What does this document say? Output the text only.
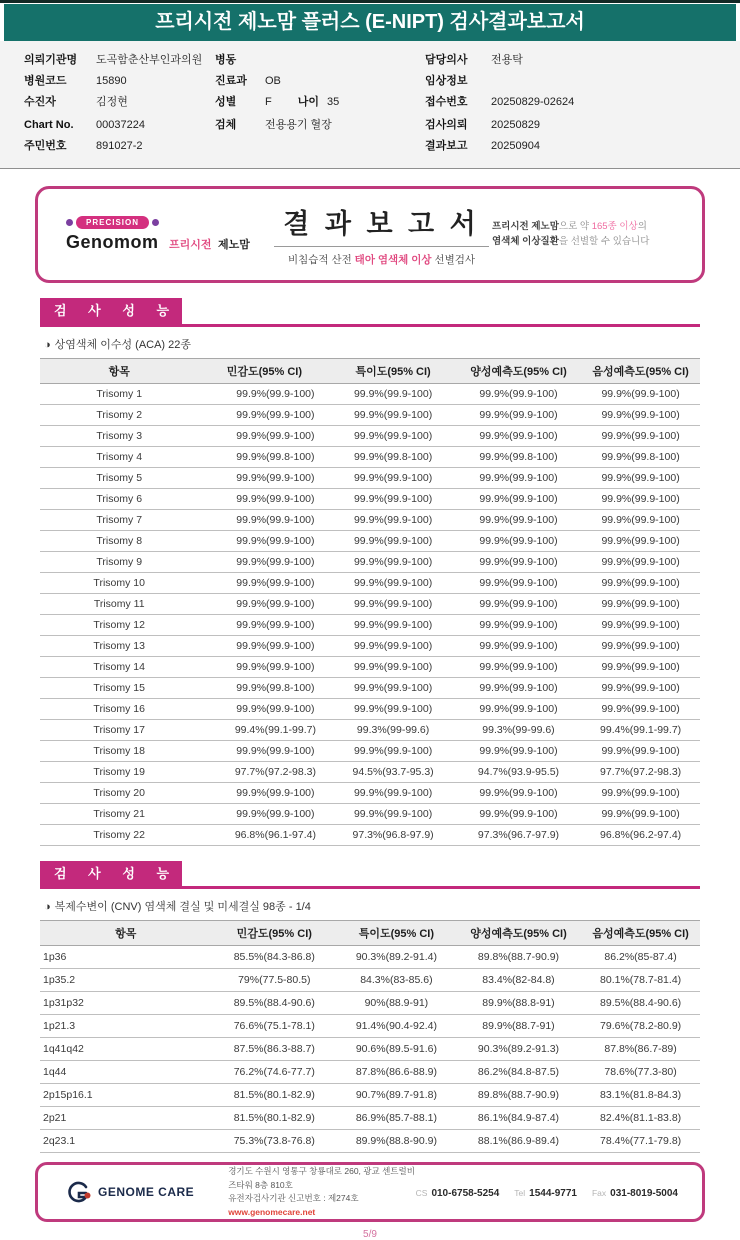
프리시전 제노맘 플러스 (E-NIPT) 검사결과보고서
의뢰기관명	도곡함춘산부인과의원 병동	담당의사	전용탁
병원코드	15890	진료과	OB	임상정보
수진자	김정현	성별	F 나이 35	접수번호	20250829-02624
Chart No.	00037224	검체	전용용기 혈장	검사의뢰	20250829
주민번호	891027-2	결과보고	20250904
PRECISION
Genomom 프리시전 제노맘
결 과 보 고 서
비침습적 산전 태아 염색체 이상 선별검사
프리시전 제노맘으로 약 165종 이상의
염색체 이상질환을 선별할 수 있습니다
검 사 성 능
◑ 상염색체 이수성 (ACA) 22종
항목	민감도(95% CI)	특이도(95% CI)	양성예측도(95% CI)	음성예측도(95% CI)
Trisomy 1	99.9%(99.9-100)	99.9%(99.9-100)	99.9%(99.9-100)	99.9%(99.9-100)
Trisomy 2	99.9%(99.9-100)	99.9%(99.9-100)	99.9%(99.9-100)	99.9%(99.9-100)
Trisomy 3	99.9%(99.9-100)	99.9%(99.9-100)	99.9%(99.9-100)	99.9%(99.9-100)
Trisomy 4	99.9%(99.8-100)	99.9%(99.8-100)	99.9%(99.8-100)	99.9%(99.8-100)
Trisomy 5	99.9%(99.9-100)	99.9%(99.9-100)	99.9%(99.9-100)	99.9%(99.9-100)
Trisomy 6	99.9%(99.9-100)	99.9%(99.9-100)	99.9%(99.9-100)	99.9%(99.9-100)
Trisomy 7	99.9%(99.9-100)	99.9%(99.9-100)	99.9%(99.9-100)	99.9%(99.9-100)
Trisomy 8	99.9%(99.9-100)	99.9%(99.9-100)	99.9%(99.9-100)	99.9%(99.9-100)
Trisomy 9	99.9%(99.9-100)	99.9%(99.9-100)	99.9%(99.9-100)	99.9%(99.9-100)
Trisomy 10	99.9%(99.9-100)	99.9%(99.9-100)	99.9%(99.9-100)	99.9%(99.9-100)
Trisomy 11	99.9%(99.9-100)	99.9%(99.9-100)	99.9%(99.9-100)	99.9%(99.9-100)
Trisomy 12	99.9%(99.9-100)	99.9%(99.9-100)	99.9%(99.9-100)	99.9%(99.9-100)
Trisomy 13	99.9%(99.9-100)	99.9%(99.9-100)	99.9%(99.9-100)	99.9%(99.9-100)
Trisomy 14	99.9%(99.9-100)	99.9%(99.9-100)	99.9%(99.9-100)	99.9%(99.9-100)
Trisomy 15	99.9%(99.8-100)	99.9%(99.9-100)	99.9%(99.9-100)	99.9%(99.9-100)
Trisomy 16	99.9%(99.9-100)	99.9%(99.9-100)	99.9%(99.9-100)	99.9%(99.9-100)
Trisomy 17	99.4%(99.1-99.7)	99.3%(99-99.6)	99.3%(99-99.6)	99.4%(99.1-99.7)
Trisomy 18	99.9%(99.9-100)	99.9%(99.9-100)	99.9%(99.9-100)	99.9%(99.9-100)
Trisomy 19	97.7%(97.2-98.3)	94.5%(93.7-95.3)	94.7%(93.9-95.5)	97.7%(97.2-98.3)
Trisomy 20	99.9%(99.9-100)	99.9%(99.9-100)	99.9%(99.9-100)	99.9%(99.9-100)
Trisomy 21	99.9%(99.9-100)	99.9%(99.9-100)	99.9%(99.9-100)	99.9%(99.9-100)
Trisomy 22	96.8%(96.1-97.4)	97.3%(96.8-97.9)	97.3%(96.7-97.9)	96.8%(96.2-97.4)
검 사 성 능
◑ 복제수변이 (CNV) 염색체 결실 및 미세결실 98종 - 1/4
항목	민감도(95% CI)	특이도(95% CI)	양성예측도(95% CI)	음성예측도(95% CI)
1p36	85.5%(84.3-86.8)	90.3%(89.2-91.4)	89.8%(88.7-90.9)	86.2%(85-87.4)
1p35.2	79%(77.5-80.5)	84.3%(83-85.6)	83.4%(82-84.8)	80.1%(78.7-81.4)
1p31p32	89.5%(88.4-90.6)	90%(88.9-91)	89.9%(88.8-91)	89.5%(88.4-90.6)
1p21.3	76.6%(75.1-78.1)	91.4%(90.4-92.4)	89.9%(88.7-91)	79.6%(78.2-80.9)
1q41q42	87.5%(86.3-88.7)	90.6%(89.5-91.6)	90.3%(89.2-91.3)	87.8%(86.7-89)
1q44	76.2%(74.6-77.7)	87.8%(86.6-88.9)	86.2%(84.8-87.5)	78.6%(77.3-80)
2p15p16.1	81.5%(80.1-82.9)	90.7%(89.7-91.8)	89.8%(88.7-90.9)	83.1%(81.8-84.3)
2p21	81.5%(80.1-82.9)	86.9%(85.7-88.1)	86.1%(84.9-87.4)	82.4%(81.1-83.8)
2q23.1	75.3%(73.8-76.8)	89.9%(88.8-90.9)	88.1%(86.9-89.4)	78.4%(77.1-79.8)
GENOME CARE
경기도 수원시 영통구 창룡대로 260, 광교 센트럴비즈타워 8층 810호
유전자검사기관 신고번호 : 제274호
www.genomecare.net
CS 010-6758-5254 Tel 1544-9771 Fax 031-8019-5004
5/9
